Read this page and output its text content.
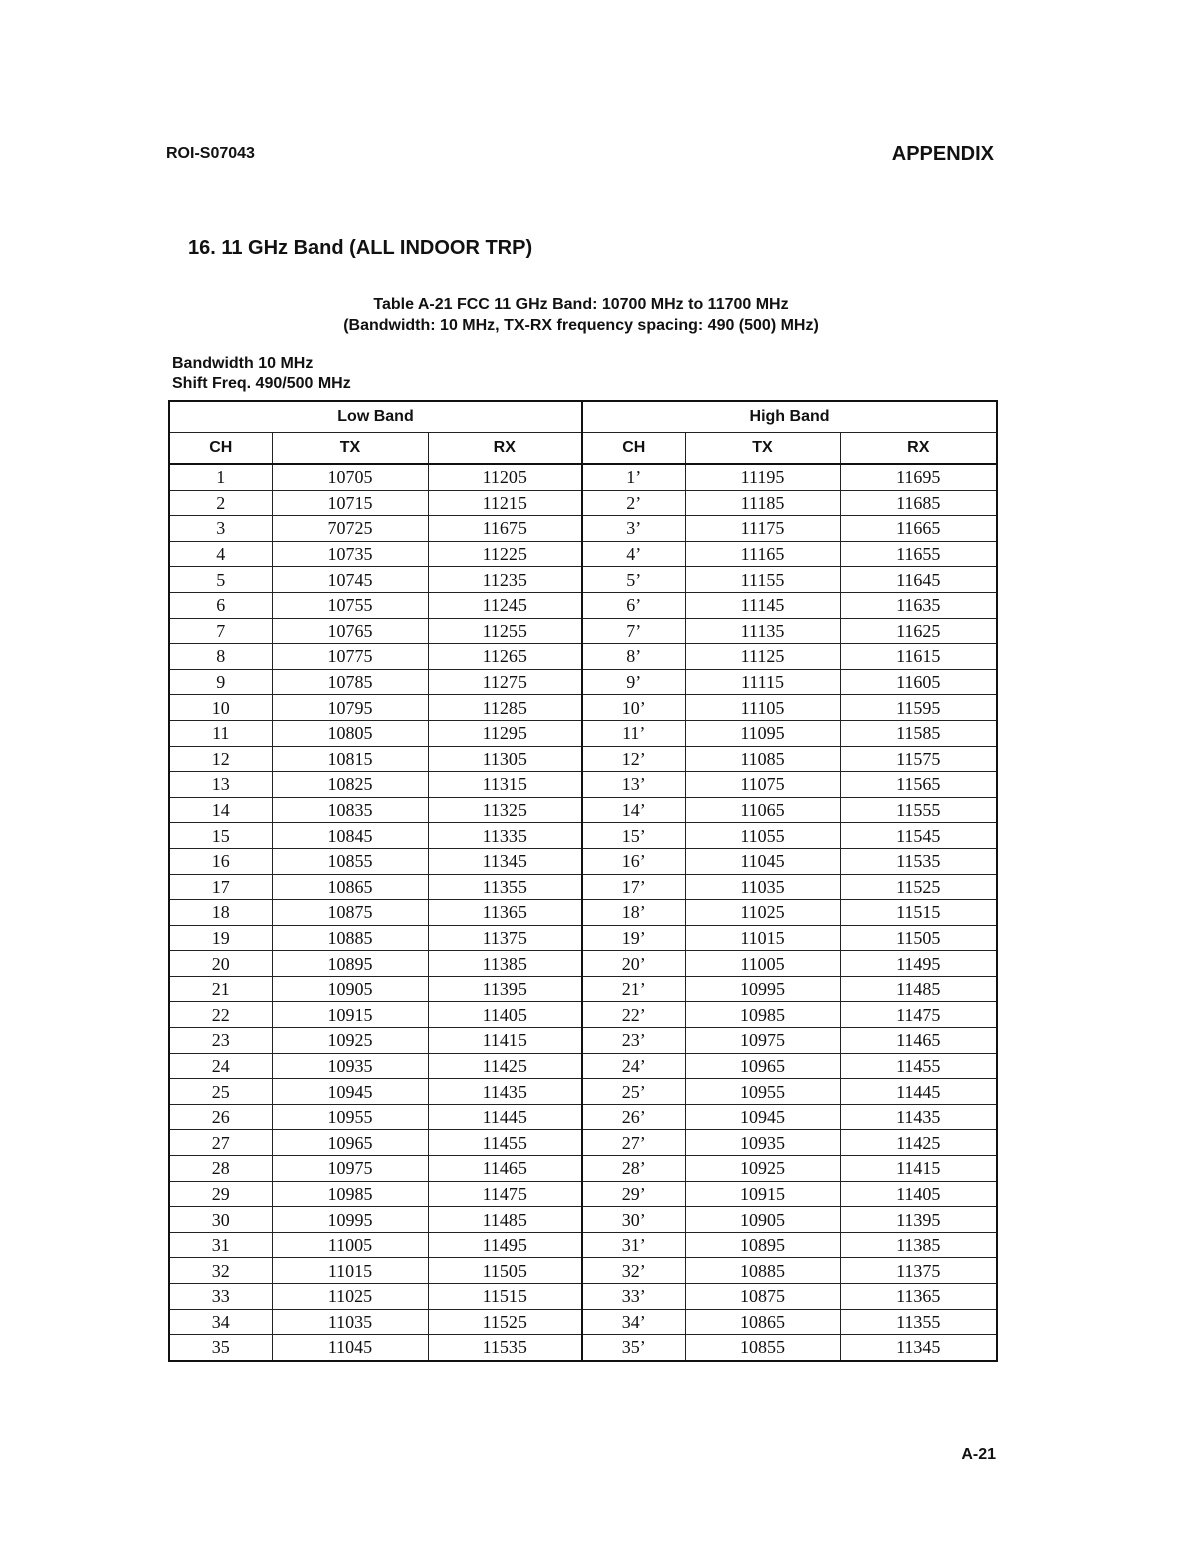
ROI-S07043	APPENDIX
16. 11 GHz Band (ALL INDOOR TRP)
Table A-21 FCC 11 GHz Band: 10700 MHz to 11700 MHz
(Bandwidth: 10 MHz, TX-RX frequency spacing: 490 (500) MHz)
Bandwidth 10 MHz
Shift Freq. 490/500 MHz
Low Band			High Band		
CH	TX	RX	CH	TX	RX
1	10705	11205	1’	11195	11695
2	10715	11215	2’	11185	11685
3	70725	11675	3’	11175	11665
4	10735	11225	4’	11165	11655
5	10745	11235	5’	11155	11645
6	10755	11245	6’	11145	11635
7	10765	11255	7’	11135	11625
8	10775	11265	8’	11125	11615
9	10785	11275	9’	11115	11605
10	10795	11285	10’	11105	11595
11	10805	11295	11’	11095	11585
12	10815	11305	12’	11085	11575
13	10825	11315	13’	11075	11565
14	10835	11325	14’	11065	11555
15	10845	11335	15’	11055	11545
16	10855	11345	16’	11045	11535
17	10865	11355	17’	11035	11525
18	10875	11365	18’	11025	11515
19	10885	11375	19’	11015	11505
20	10895	11385	20’	11005	11495
21	10905	11395	21’	10995	11485
22	10915	11405	22’	10985	11475
23	10925	11415	23’	10975	11465
24	10935	11425	24’	10965	11455
25	10945	11435	25’	10955	11445
26	10955	11445	26’	10945	11435
27	10965	11455	27’	10935	11425
28	10975	11465	28’	10925	11415
29	10985	11475	29’	10915	11405
30	10995	11485	30’	10905	11395
31	11005	11495	31’	10895	11385
32	11015	11505	32’	10885	11375
33	11025	11515	33’	10875	11365
34	11035	11525	34’	10865	11355
35	11045	11535	35’	10855	11345
A-21
